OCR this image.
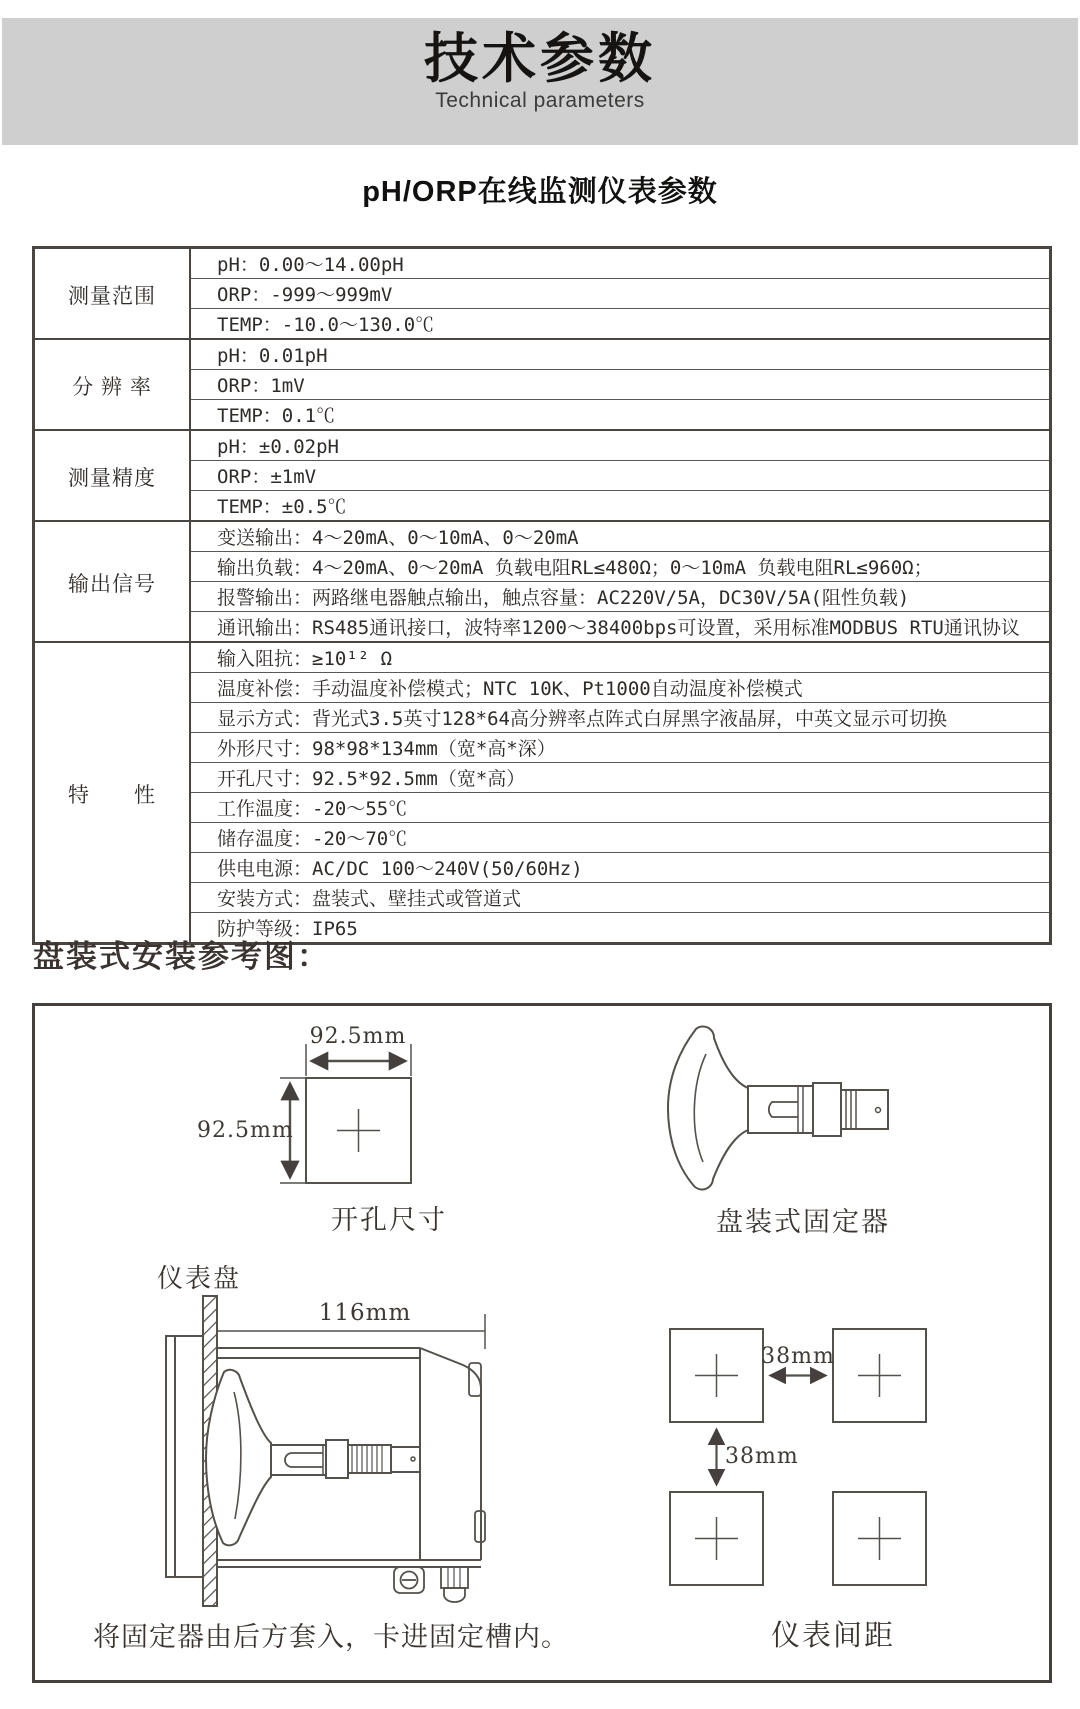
技术参数
Technical parameters
pH/ORP在线监测仪表参数
测量范围	pH：0.00～14.00pH
	ORP：-999～999mV
	TEMP：-10.0～130.0℃
分 辨 率	pH：0.01pH
	ORP：1mV
	TEMP：0.1℃
测量精度	pH：±0.02pH
	ORP：±1mV
	TEMP：±0.5℃
输出信号	变送输出：4～20mA、0～10mA、0～20mA
	输出负载：4～20mA、0～20mA 负载电阻RL≤480Ω；0～10mA 负载电阻RL≤960Ω；
	报警输出：两路继电器触点输出，触点容量：AC220V/5A，DC30V/5A(阻性负载)
	通讯输出：RS485通讯接口，波特率1200～38400bps可设置，采用标准MODBUS RTU通讯协议
特　　性	输入阻抗：≥10¹² Ω
	温度补偿：手动温度补偿模式；NTC 10K、Pt1000自动温度补偿模式
	显示方式：背光式3.5英寸128*64高分辨率点阵式白屏黑字液晶屏，中英文显示可切换
	外形尺寸：98*98*134mm（宽*高*深）
	开孔尺寸：92.5*92.5mm（宽*高）
	工作温度：-20～55℃
	储存温度：-20～70℃
	供电电源：AC/DC 100～240V(50/60Hz)
	安装方式：盘装式、壁挂式或管道式
	防护等级：IP65
盘装式安装参考图：
92.5mm
92.5mm
开孔尺寸	盘装式固定器
仪表盘
116mm
将固定器由后方套入，卡进固定槽内。
38mm
38mm
仪表间距
